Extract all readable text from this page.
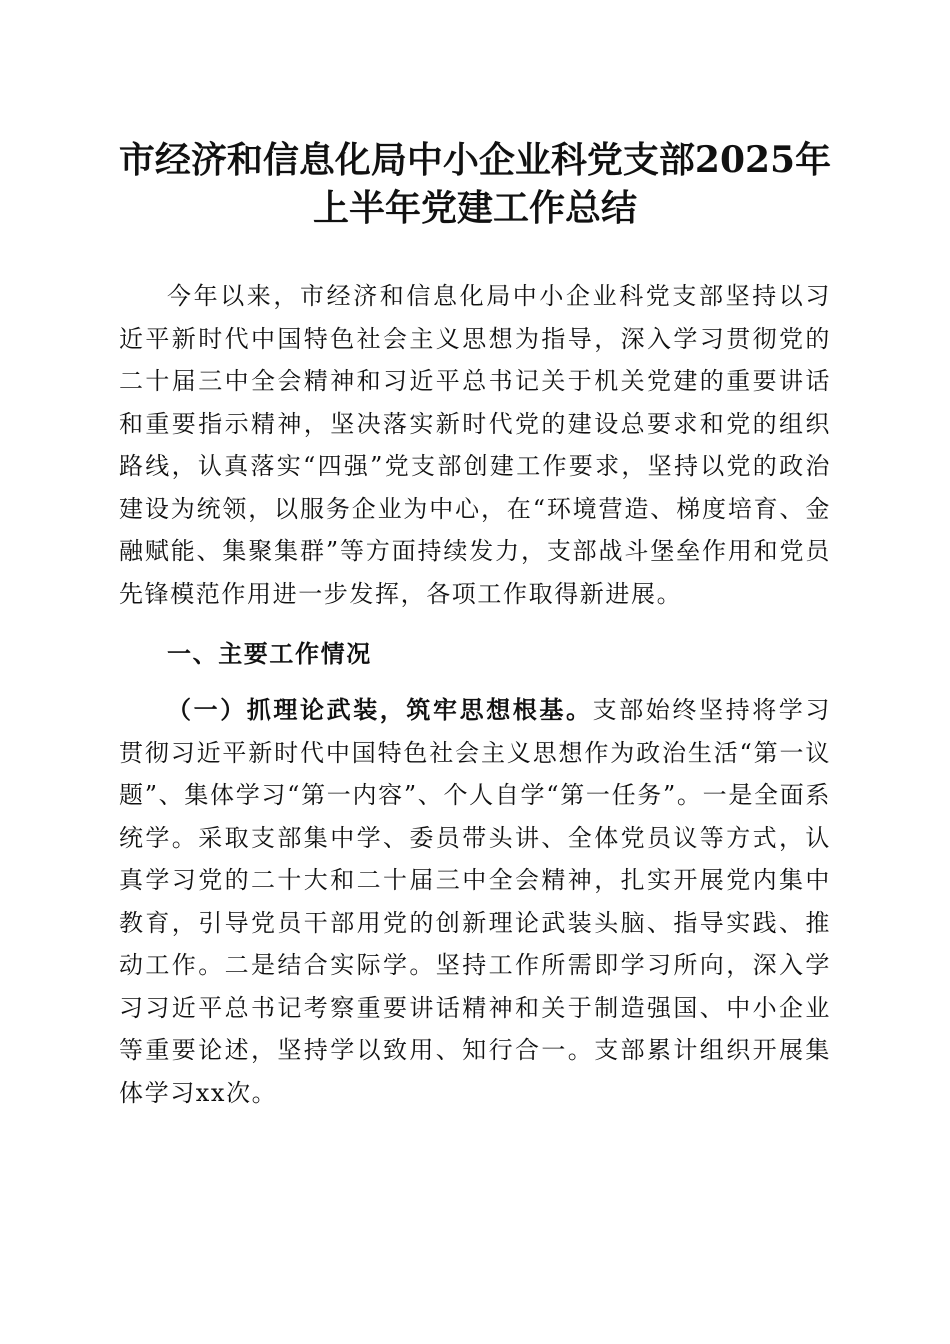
市经济和信息化局中小企业科党支部2025年
上半年党建工作总结

今年以来，市经济和信息化局中小企业科党支部坚持以习近平新时代中国特色社会主义思想为指导，深入学习贯彻党的二十届三中全会精神和习近平总书记关于机关党建的重要讲话和重要指示精神，坚决落实新时代党的建设总要求和党的组织路线，认真落实“四强”党支部创建工作要求，坚持以党的政治建设为统领，以服务企业为中心，在“环境营造、梯度培育、金融赋能、集聚集群”等方面持续发力，支部战斗堡垒作用和党员先锋模范作用进一步发挥，各项工作取得新进展。

一、主要工作情况

（一）抓理论武装，筑牢思想根基。支部始终坚持将学习贯彻习近平新时代中国特色社会主义思想作为政治生活“第一议题”、集体学习“第一内容”、个人自学“第一任务”。一是全面系统学。采取支部集中学、委员带头讲、全体党员议等方式，认真学习党的二十大和二十届三中全会精神，扎实开展党内集中教育，引导党员干部用党的创新理论武装头脑、指导实践、推动工作。二是结合实际学。坚持工作所需即学习所向，深入学习习近平总书记考察重要讲话精神和关于制造强国、中小企业等重要论述，坚持学以致用、知行合一。支部累计组织开展集体学习xx次。
